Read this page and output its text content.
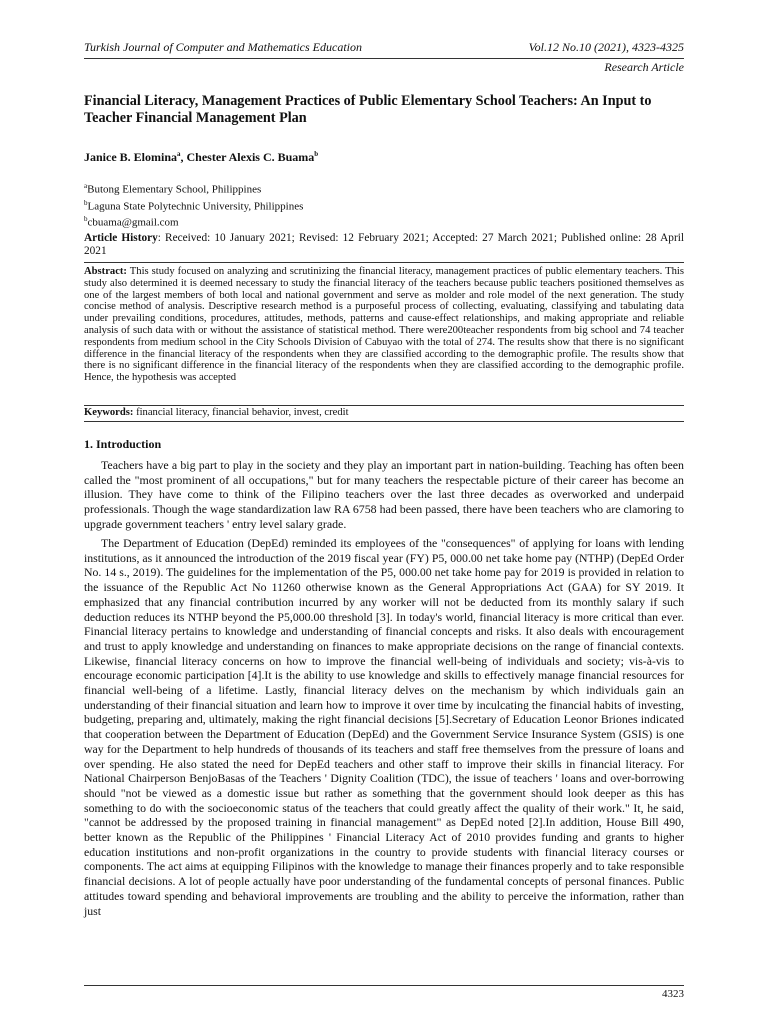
Turkish Journal of Computer and Mathematics Education	Vol.12 No.10 (2021), 4323-4325
Research Article
Financial Literacy, Management Practices of Public Elementary School Teachers: An Input to Teacher Financial Management Plan
Janice B. Elomina$^a$, Chester Alexis C. Buama$^b$
$^a$Butong Elementary School, Philippines
$^b$Laguna State Polytechnic University, Philippines
$^b$cbuama@gmail.com
Article History: Received: 10 January 2021; Revised: 12 February 2021; Accepted: 27 March 2021; Published online: 28 April 2021
Abstract: This study focused on analyzing and scrutinizing the financial literacy, management practices of public elementary teachers. This study also determined it is deemed necessary to study the financial literacy of the teachers because public teachers positioned themselves as one of the largest members of both local and national government and serve as molder and role model of the next generation. The study concise method of analysis. Descriptive research method is a purposeful process of collecting, evaluating, classifying and tabulating data under prevailing conditions, procedures, attitudes, methods, patterns and cause-effect relationships, and making appropriate and reliable analysis of such data with or without the assistance of statistical method. There were200teacher respondents from big school and 74 teacher respondents from medium school in the City Schools Division of Cabuyao with the total of 274. The results show that there is no significant difference in the financial literacy of the respondents when they are classified according to the demographic profile. The results show that there is no significant difference in the financial literacy of the respondents when they are classified according to the demographic profile. Hence, the hypothesis was accepted
Keywords: financial literacy, financial behavior, invest, credit
1. Introduction

Teachers have a big part to play in the society and they play an important part in nation-building. Teaching has often been called the "most prominent of all occupations," but for many teachers the respectable picture of their career has become an illusion. They have come to think of the Filipino teachers over the last three decades as overworked and underpaid professionals. Though the wage standardization law RA 6758 had been passed, there have been teachers who are clamoring to upgrade government teachers ' entry level salary grade.

The Department of Education (DepEd) reminded its employees of the "consequences" of applying for loans with lending institutions, as it announced the introduction of the 2019 fiscal year (FY) P5, 000.00 net take home pay (NTHP) (DepEd Order No. 14 s., 2019). The guidelines for the implementation of the P5, 000.00 net take home pay for 2019 is provided in relation to the issuance of the Republic Act No 11260 otherwise known as the General Appropriations Act (GAA) for SY 2019. It emphasized that any financial contribution incurred by any worker will not be deducted from its monthly salary if such deduction reduces its NTHP beyond the P5,000.00 threshold [3]. In today's world, financial literacy is more critical than ever. Financial literacy pertains to knowledge and understanding of financial concepts and risks. It also deals with encouragement and trust to apply knowledge and understanding on finances to make appropriate decisions on the range of financial contexts. Likewise, financial literacy concerns on how to improve the financial well-being of individuals and society; vis-à-vis to encourage economic participation [4].It is the ability to use knowledge and skills to effectively manage financial resources for financial well-being of a lifetime. Lastly, financial literacy delves on the mechanism by which individuals gain an understanding of their financial situation and learn how to improve it over time by inculcating the financial habits of investing, budgeting, preparing and, ultimately, making the right financial decisions [5].Secretary of Education Leonor Briones indicated that cooperation between the Department of Education (DepEd) and the Government Service Insurance System (GSIS) is one way for the Department to help hundreds of thousands of its teachers and staff free themselves from the pressure of loans and over spending. He also stated the need for DepEd teachers and other staff to improve their skills in financial literacy. For National Chairperson BenjoBasas of the Teachers ' Dignity Coalition (TDC), the issue of teachers ' loans and over-borrowing should "not be viewed as a domestic issue but rather as something that the government should look deeper as this has something to do with the socioeconomic status of the teachers that could greatly affect the quality of their work." It, he said, "cannot be addressed by the proposed training in financial management" as DepEd noted [2].In addition, House Bill 490, better known as the Republic of the Philippines ' Financial Literacy Act of 2010 provides funding and grants to higher education institutions and non-profit organizations in the country to provide students with financial literacy courses or components. The act aims at equipping Filipinos with the knowledge to manage their finances properly and to take responsible financial decisions. A lot of people actually have poor understanding of the fundamental concepts of personal finances. Public attitudes toward spending and behavioral improvements are troubling and the ability to perceive the information, rather than just

4323
